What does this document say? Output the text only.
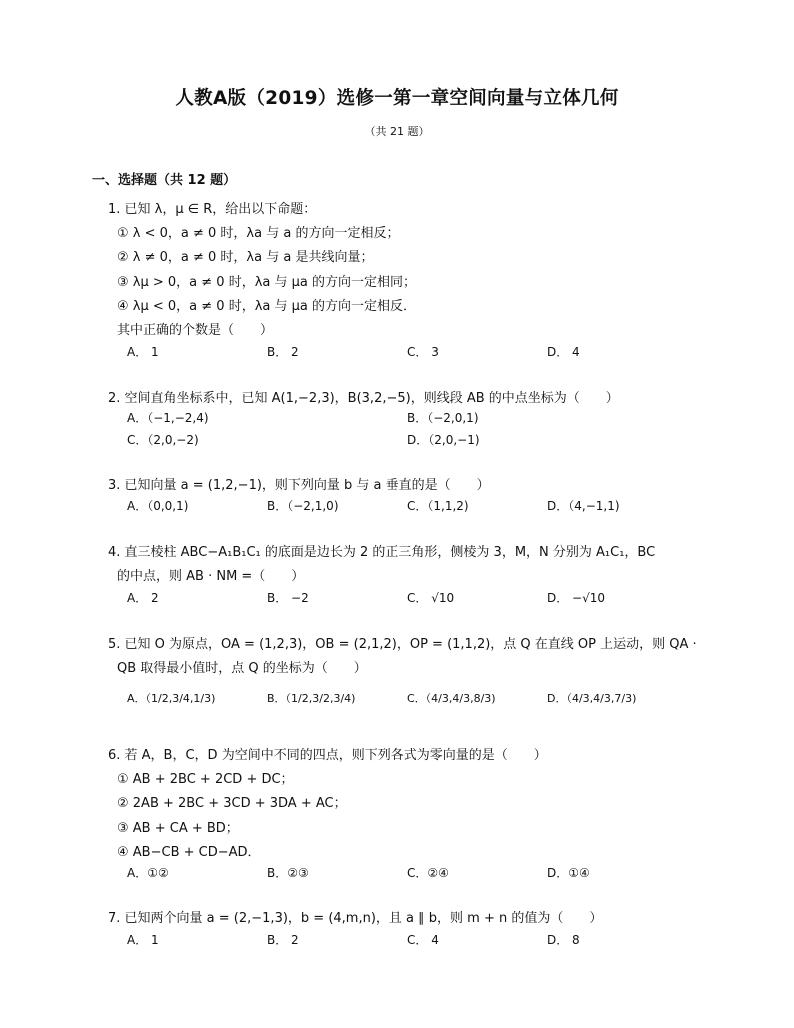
人教A版（2019）选修一第一章空间向量与立体几何
（共 21 题）
一、选择题（共 12 题）
1. 已知 λ，μ ∈ R，给出以下命题：
① λ < 0，a ≠ 0 时，λa 与 a 的方向一定相反；
② λ ≠ 0，a ≠ 0 时，λa 与 a 是共线向量；
③ λμ > 0，a ≠ 0 时，λa 与 μa 的方向一定相同；
④ λμ < 0，a ≠ 0 时，λa 与 μa 的方向一定相反．
其中正确的个数是（　　）
A． 1	B． 2	C． 3	D． 4
2. 空间直角坐标系中，已知 A(1,−2,3)，B(3,2,−5)，则线段 AB 的中点坐标为（　　）
A．（−1,−2,4)	B．（−2,0,1)
C．（2,0,−2)	D．（2,0,−1)
3. 已知向量 a = (1,2,−1)，则下列向量 b 与 a 垂直的是（　　）
A．（0,0,1)	B．（−2,1,0)	C．（1,1,2)	D．（4,−1,1)
4. 直三棱柱 ABC−A₁B₁C₁ 的底面是边长为 2 的正三角形，侧棱为 3，M，N 分别为 A₁C₁，BC
的中点，则 AB · NM =（　　）
A． 2	B． −2	C． √10	D． −√10
5. 已知 O 为原点，OA = (1,2,3)，OB = (2,1,2)，OP = (1,1,2)，点 Q 在直线 OP 上运动，则 QA ·
QB 取得最小值时，点 Q 的坐标为（　　）
A．（1/2,3/4,1/3)	B．（1/2,3/2,3/4)	C．（4/3,4/3,8/3)	D．（4/3,4/3,7/3)
6. 若 A，B，C，D 为空间中不同的四点，则下列各式为零向量的是（　　）
① AB + 2BC + 2CD + DC；
② 2AB + 2BC + 3CD + 3DA + AC；
③ AB + CA + BD；
④ AB−CB + CD−AD．
A．①②	B．②③	C．②④	D．①④
7. 已知两个向量 a = (2,−1,3)，b = (4,m,n)，且 a ∥ b，则 m + n 的值为（　　）
A． 1	B． 2	C． 4	D． 8
